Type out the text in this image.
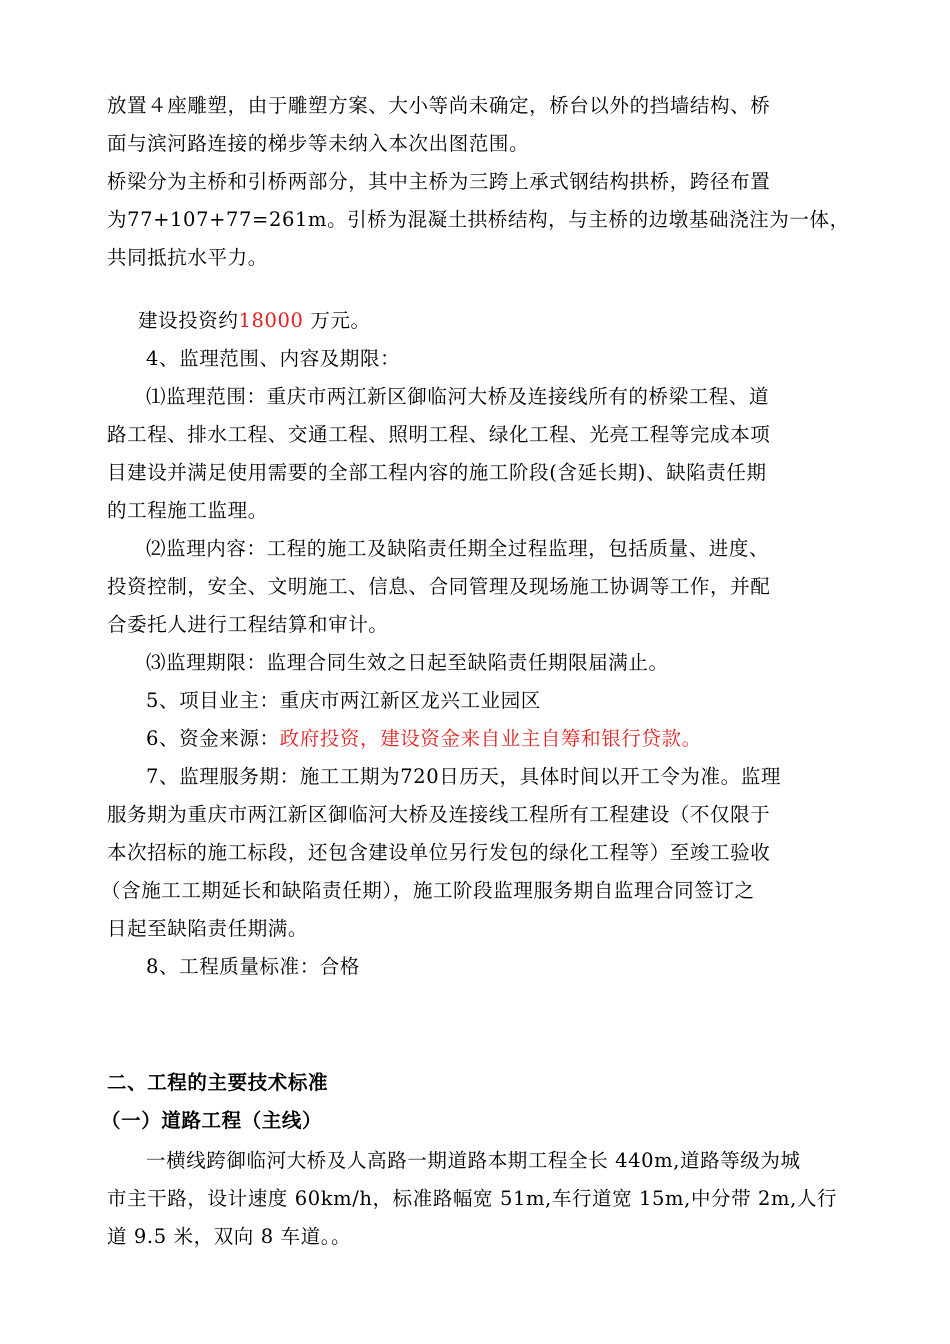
放置４座雕塑，由于雕塑方案、大小等尚未确定，桥台以外的挡墙结构、桥
面与滨河路连接的梯步等未纳入本次出图范围。
桥梁分为主桥和引桥两部分，其中主桥为三跨上承式钢结构拱桥，跨径布置
为77+107+77=261m。引桥为混凝土拱桥结构，与主桥的边墩基础浇注为一体，
共同抵抗水平力。
建设投资约18000 万元。
4、监理范围、内容及期限：
⑴监理范围：重庆市两江新区御临河大桥及连接线所有的桥梁工程、道
路工程、排水工程、交通工程、照明工程、绿化工程、光亮工程等完成本项
目建设并满足使用需要的全部工程内容的施工阶段(含延长期)、缺陷责任期
的工程施工监理。
⑵监理内容：工程的施工及缺陷责任期全过程监理，包括质量、进度、
投资控制，安全、文明施工、信息、合同管理及现场施工协调等工作，并配
合委托人进行工程结算和审计。
⑶监理期限：监理合同生效之日起至缺陷责任期限届满止。
5、项目业主：重庆市两江新区龙兴工业园区
6、资金来源：政府投资，建设资金来自业主自筹和银行贷款。
7、监理服务期：施工工期为720日历天，具体时间以开工令为准。监理
服务期为重庆市两江新区御临河大桥及连接线工程所有工程建设（不仅限于
本次招标的施工标段，还包含建设单位另行发包的绿化工程等）至竣工验收
（含施工工期延长和缺陷责任期），施工阶段监理服务期自监理合同签订之
日起至缺陷责任期满。
8、工程质量标准：合格
二、工程的主要技术标准
（一）道路工程（主线）
一横线跨御临河大桥及人高路一期道路本期工程全长 440m,道路等级为城
市主干路，设计速度 60km/h，标准路幅宽 51m,车行道宽 15m,中分带 2m,人行
道 9.5 米，双向 8 车道。。
